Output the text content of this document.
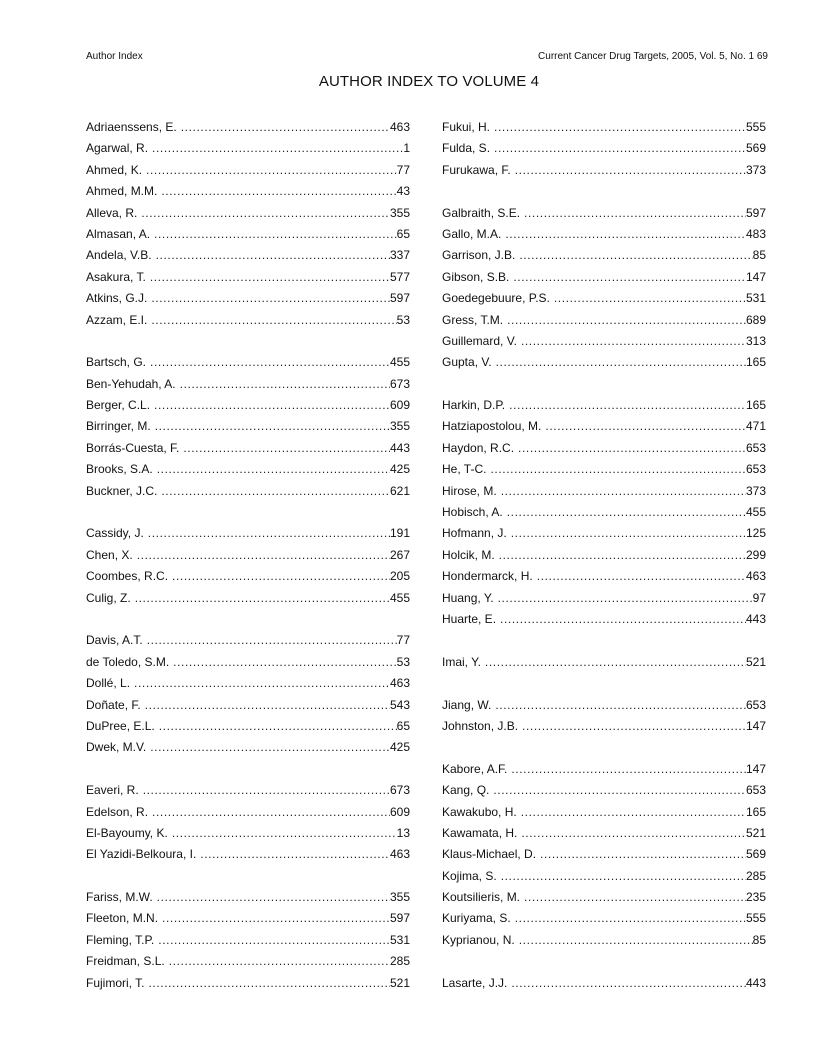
Author Index	Current Cancer Drug Targets, 2005, Vol. 5, No. 1 69
AUTHOR INDEX TO VOLUME 4
Adriaenssens, E. .....	463
Agarwal, R. .....	1
Ahmed, K. .....	77
Ahmed, M.M. .....	43
Alleva, R. .....	355
Almasan, A. .....	65
Andela, V.B. .....	337
Asakura, T. .....	577
Atkins, G.J. .....	597
Azzam, E.I. .....	53
Bartsch, G. .....	455
Ben-Yehudah, A. .....	673
Berger, C.L. .....	609
Birringer, M. .....	355
Borrás-Cuesta, F. .....	443
Brooks, S.A. .....	425
Buckner, J.C. .....	621
Cassidy, J. .....	191
Chen, X. .....	267
Coombes, R.C. .....	205
Culig, Z. .....	455
Davis, A.T. .....	77
de Toledo, S.M. .....	53
Dollé, L. .....	463
Doñate, F. .....	543
DuPree, E.L. .....	65
Dwek, M.V. .....	425
Eaveri, R. .....	673
Edelson, R. .....	609
El-Bayoumy, K. .....	13
El Yazidi-Belkoura, I. .....	463
Fariss, M.W. .....	355
Fleeton, M.N. .....	597
Fleming, T.P. .....	531
Freidman, S.L. .....	285
Fujimori, T. .....	521
Fukui, H. .....	555
Fulda, S. .....	569
Furukawa, F. .....	373
Galbraith, S.E. .....	597
Gallo, M.A. .....	483
Garrison, J.B. .....	85
Gibson, S.B. .....	147
Goedegebuure, P.S. .....	531
Gress, T.M. .....	689
Guillemard, V. .....	313
Gupta, V. .....	165
Harkin, D.P. .....	165
Hatziapostolou, M. .....	471
Haydon, R.C. .....	653
He, T-C. .....	653
Hirose, M. .....	373
Hobisch, A. .....	455
Hofmann, J. .....	125
Holcik, M. .....	299
Hondermarck, H. .....	463
Huang, Y. .....	97
Huarte, E. .....	443
Imai, Y. .....	521
Jiang, W. .....	653
Johnston, J.B. .....	147
Kabore, A.F. .....	147
Kang, Q. .....	653
Kawakubo, H. .....	165
Kawamata, H. .....	521
Klaus-Michael, D. .....	569
Kojima, S. .....	285
Koutsilieris, M. .....	235
Kuriyama, S. .....	555
Kyprianou, N. .....	85
Lasarte, J.J. .....	443
